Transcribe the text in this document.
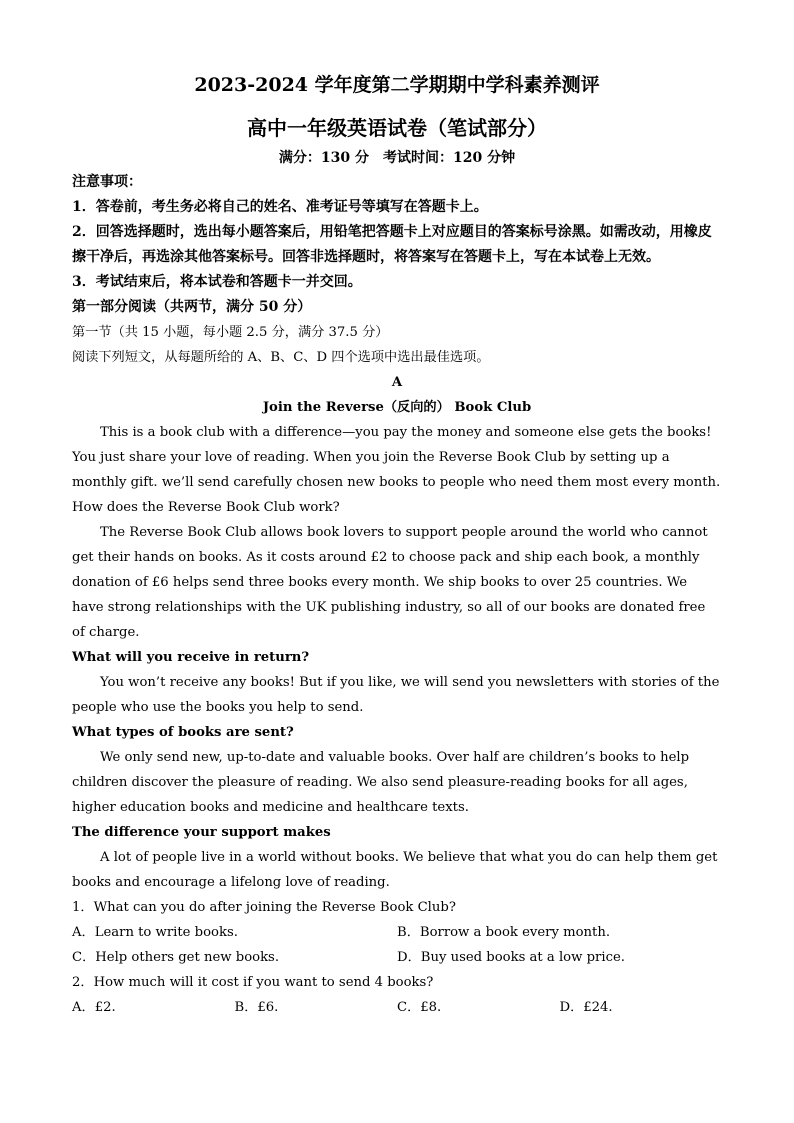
2023-2024 学年度第二学期期中学科素养测评
高中一年级英语试卷（笔试部分）
满分：130 分　考试时间：120 分钟

注意事项：

1．答卷前，考生务必将自己的姓名、准考证号等填写在答题卡上。

2．回答选择题时，选出每小题答案后，用铅笔把答题卡上对应题目的答案标号涂黑。如需改动，用橡皮擦干净后，再选涂其他答案标号。回答非选择题时，将答案写在答题卡上，写在本试卷上无效。

3．考试结束后，将本试卷和答题卡一并交回。

第一部分阅读（共两节，满分 50 分）

第一节（共 15 小题，每小题 2.5 分，满分 37.5 分）

阅读下列短文，从每题所给的 A、B、C、D 四个选项中选出最佳选项。

A

Join the Reverse（反向的） Book Club

This is a book club with a difference—you pay the money and someone else gets the books! You just share your love of reading. When you join the Reverse Book Club by setting up a monthly gift. we’ll send carefully chosen new books to people who need them most every month.

How does the Reverse Book Club work?

The Reverse Book Club allows book lovers to support people around the world who cannot get their hands on books. As it costs around £2 to choose pack and ship each book, a monthly donation of £6 helps send three books every month. We ship books to over 25 countries. We have strong relationships with the UK publishing industry, so all of our books are donated free of charge.

What will you receive in return?

You won’t receive any books! But if you like, we will send you newsletters with stories of the people who use the books you help to send.

What types of books are sent?

We only send new, up-to-date and valuable books. Over half are children’s books to help children discover the pleasure of reading. We also send pleasure-reading books for all ages, higher education books and medicine and healthcare texts.

The difference your support makes

A lot of people live in a world without books. We believe that what you do can help them get books and encourage a lifelong love of reading.

1．What can you do after joining the Reverse Book Club?

A．Learn to write books.	B．Borrow a book every month.
C．Help others get new books.	D．Buy used books at a low price.

2．How much will it cost if you want to send 4 books?

A．£2.	B．£6.	C．£8.	D．£24.
